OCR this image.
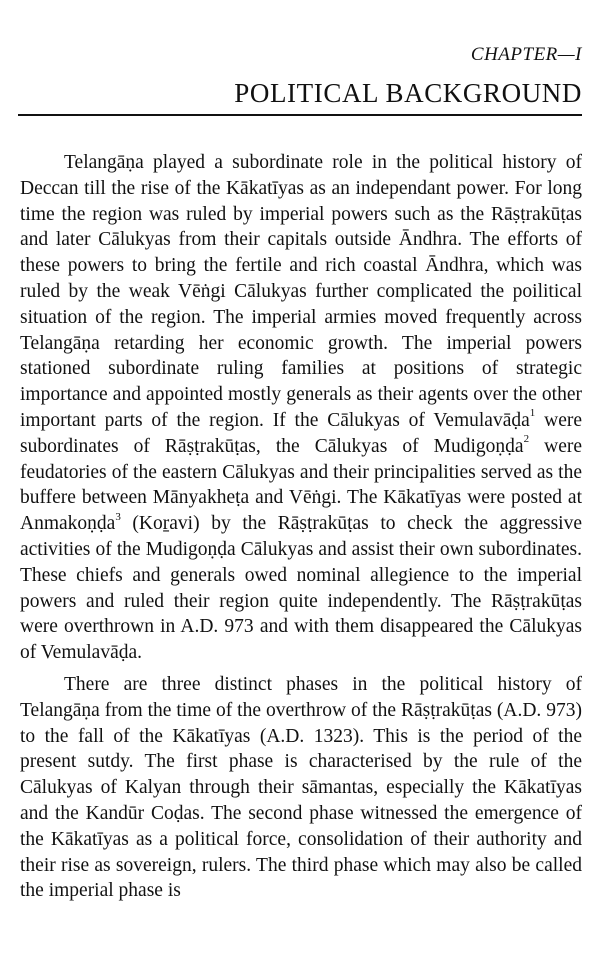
CHAPTER—I
POLITICAL BACKGROUND

Telangāṇa played a subordinate role in the political history of Deccan till the rise of the Kākatīyas as an independant power. For long time the region was ruled by imperial powers such as the Rāṣṭrakūṭas and later Cālukyas from their capitals outside Āndhra. The efforts of these powers to bring the fertile and rich coastal Āndhra, which was ruled by the weak Vēṅgi Cālukyas further complicated the poilitical situation of the region. The imperial armies moved frequently across Telangāṇa retarding her economic growth. The imperial powers stationed subordinate ruling families at positions of strategic importance and appointed mostly generals as their agents over the other important parts of the region. If the Cālukyas of Vemulavāḍa$^1$ were subordinates of Rāṣṭrakūṭas, the Cālukyas of Mudigoṇḍa$^2$ were feudatories of the eastern Cālukyas and their principalities served as the buffere between Mānyakheṭa and Vēṅgi. The Kākatīyas were posted at Anmakoṇḍa$^3$ (Koṟavi) by the Rāṣṭrakūṭas to check the aggressive activities of the Mudigoṇḍa Cālukyas and assist their own subordinates. These chiefs and generals owed nominal allegience to the imperial powers and ruled their region quite independently. The Rāṣṭrakūṭas were overthrown in A.D. 973 and with them disappeared the Cālukyas of Vemulavāḍa.

There are three distinct phases in the political history of Telangāṇa from the time of the overthrow of the Rāṣṭrakūṭas (A.D. 973) to the fall of the Kākatīyas (A.D. 1323). This is the period of the present sutdy. The first phase is characterised by the rule of the Cālukyas of Kalyan through their sāmantas, especially the Kākatīyas and the Kandūr Coḍas. The second phase witnessed the emergence of the Kākatīyas as a political force, consolidation of their authority and their rise as sovereign, rulers. The third phase which may also be called the imperial phase is
